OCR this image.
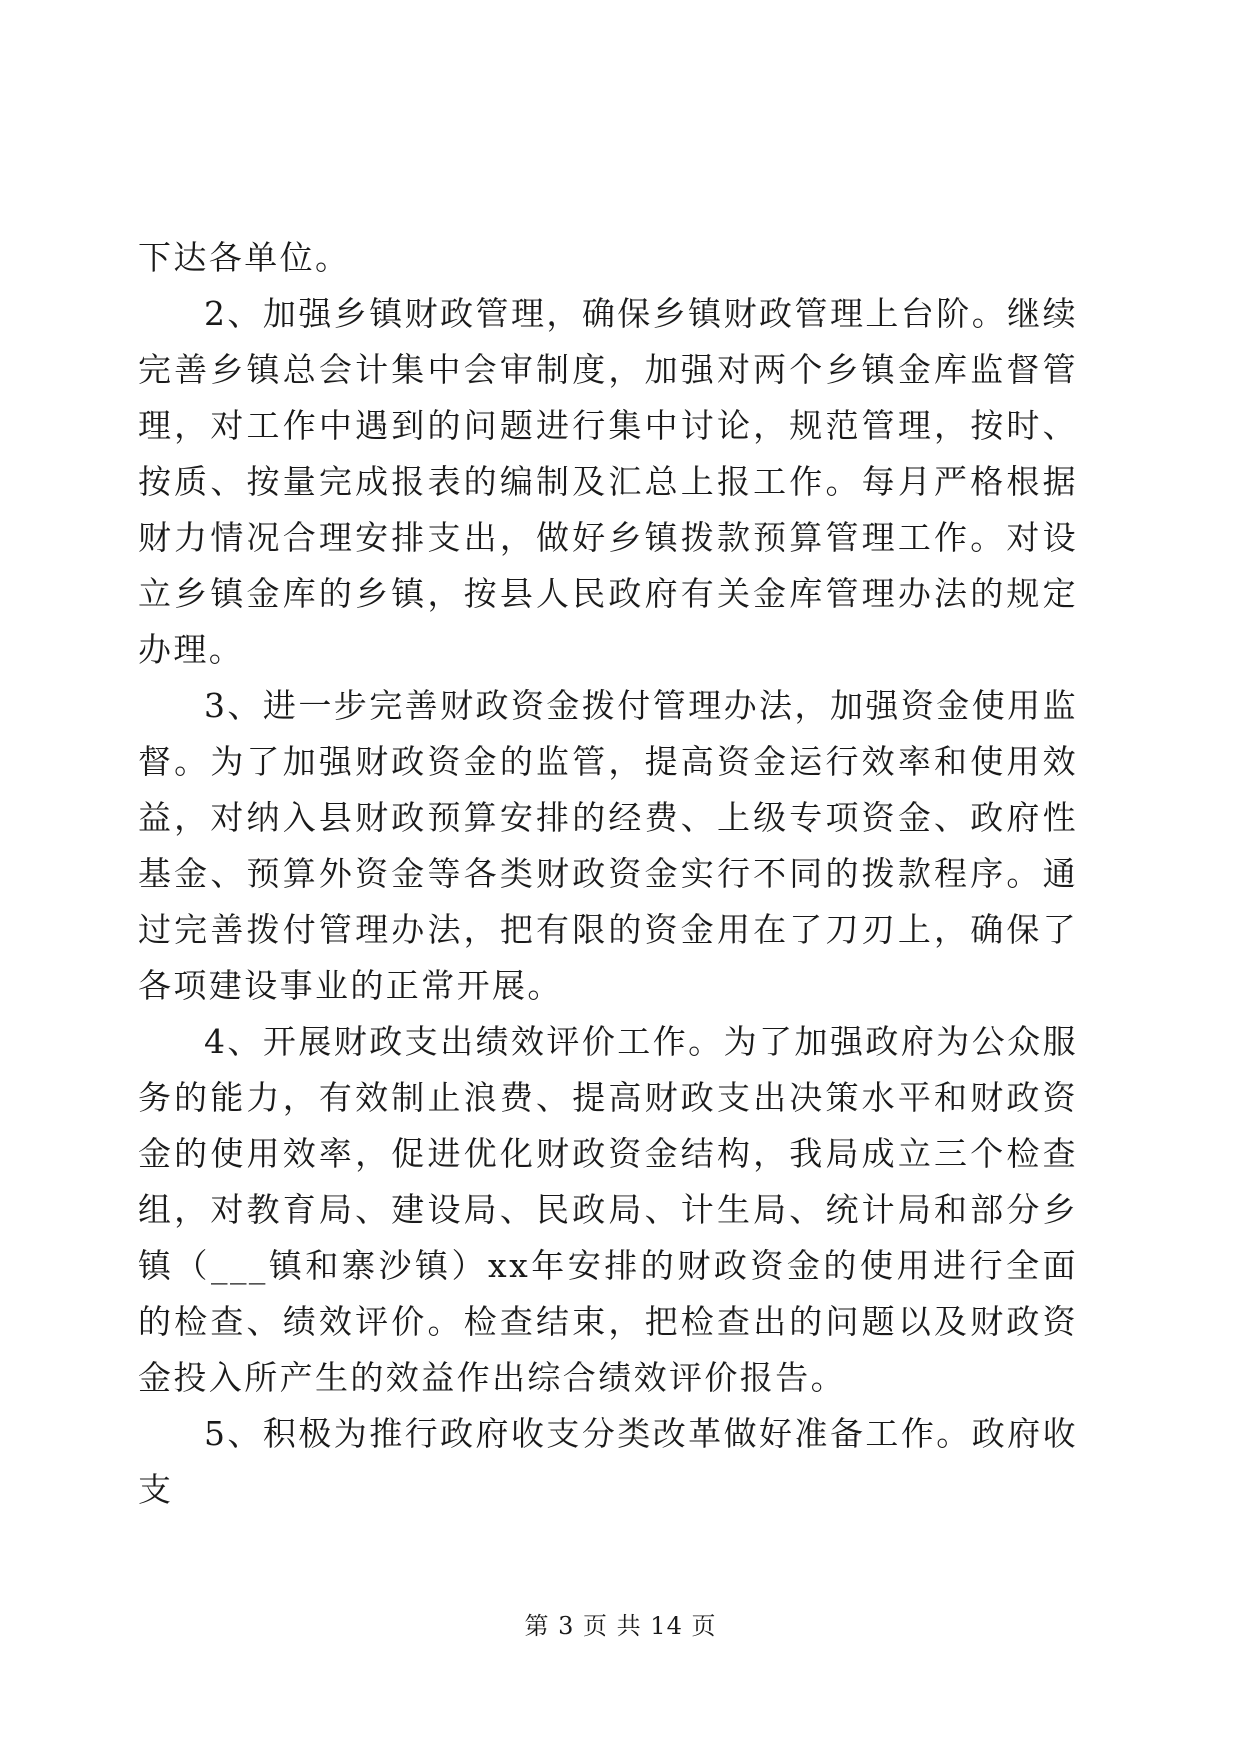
下达各单位。

2、加强乡镇财政管理，确保乡镇财政管理上台阶。继续完善乡镇总会计集中会审制度，加强对两个乡镇金库监督管理，对工作中遇到的问题进行集中讨论，规范管理，按时、按质、按量完成报表的编制及汇总上报工作。每月严格根据财力情况合理安排支出，做好乡镇拨款预算管理工作。对设立乡镇金库的乡镇，按县人民政府有关金库管理办法的规定办理。

3、进一步完善财政资金拨付管理办法，加强资金使用监督。为了加强财政资金的监管，提高资金运行效率和使用效益，对纳入县财政预算安排的经费、上级专项资金、政府性基金、预算外资金等各类财政资金实行不同的拨款程序。通过完善拨付管理办法，把有限的资金用在了刀刃上，确保了各项建设事业的正常开展。

4、开展财政支出绩效评价工作。为了加强政府为公众服务的能力，有效制止浪费、提高财政支出决策水平和财政资金的使用效率，促进优化财政资金结构，我局成立三个检查组，对教育局、建设局、民政局、计生局、统计局和部分乡镇（___镇和寨沙镇）xx年安排的财政资金的使用进行全面的检查、绩效评价。检查结束，把检查出的问题以及财政资金投入所产生的效益作出综合绩效评价报告。

5、积极为推行政府收支分类改革做好准备工作。政府收支

第 3 页 共 14 页
